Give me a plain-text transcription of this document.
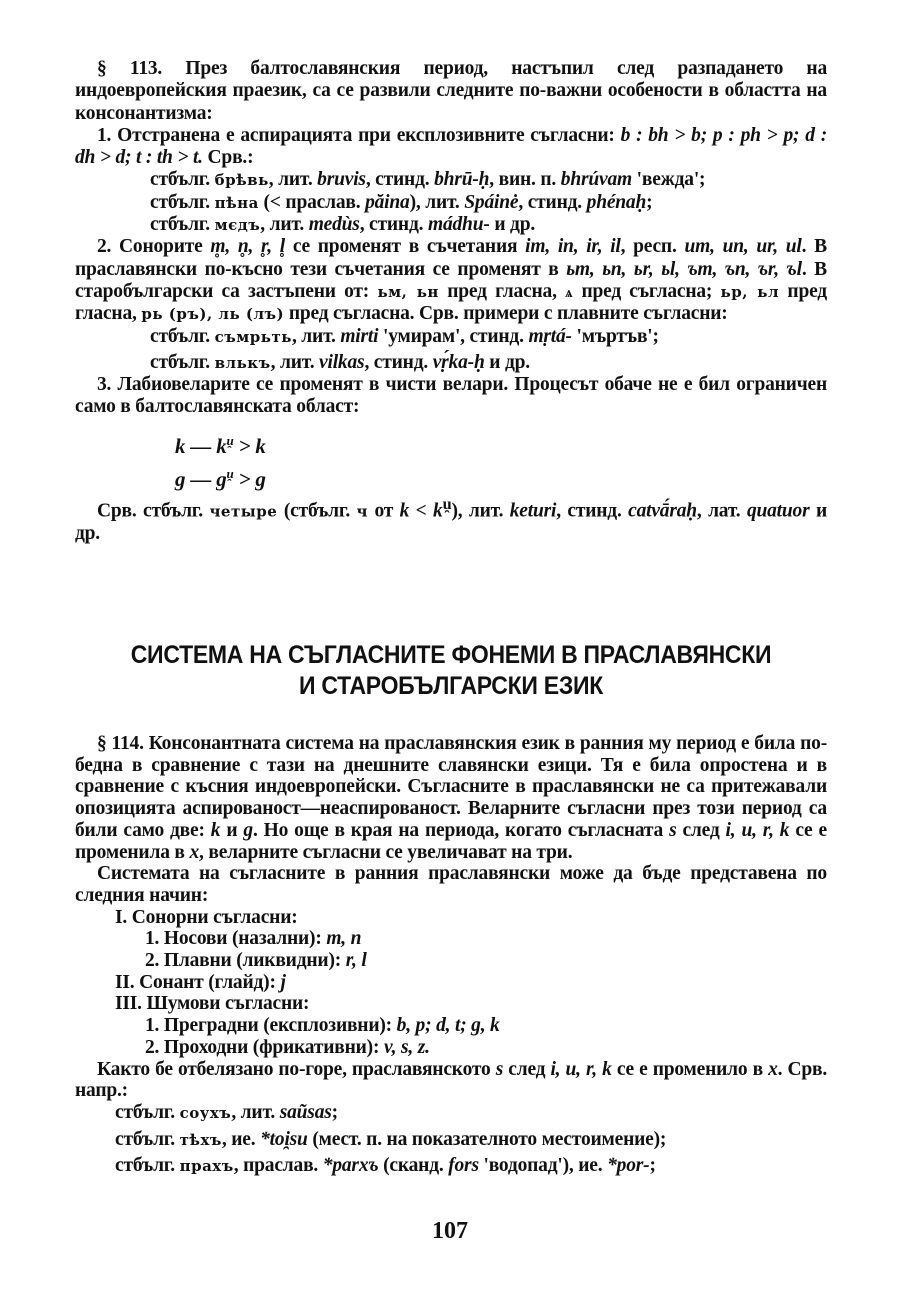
§ 113. През балтославянския период, настъпил след разпадането на индоевропейския праезик, са се развили следните по-важни особености в областта на консонантизма:

1. Отстранена е аспирацията при експлозивните съгласни: b : bh > b; p : ph > p; d : dh > d; t : th > t. Срв.:

стбълг. брѣвь, лит. bruvis, стинд. bhrū-ḥ, вин. п. bhrúvam 'вежда';

стбълг. пѣна (< праслав. păina), лит. Spáinė, стинд. phénaḥ;

стбълг. мєдъ, лит. medùs, стинд. mádhu- и др.

2. Сонорите m̥, n̥, r̥, l̥ се променят в съчетания im, in, ir, il, респ. um, un, ur, ul. В праславянски по-късно тези съчетания се променят в ьm, ьn, ьr, ьl, ъm, ъn, ъr, ъl. В старобългарски са застъпени от: ьм, ьн пред гласна, ѧ пред съгласна; ьр, ьл пред гласна, рь (ръ), ль (лъ) пред съгласна. Срв. примери с плавните съгласни:

стбълг. съмрьть, лит. mirti 'умирам', стинд. mṛtá- 'мъртъв';

стбълг. влькъ, лит. vilkas, стинд. vṛ́ka-ḥ и др.

3. Лабиовеларите се променят в чисти велари. Процесът обаче не е бил ограничен само в балтославянската област:

k — $k^{u̯} > k$
g — $g^{u̯} > g$

Срв. стбълг. четыре (стбълг. ч от $k < k^{u̯}$), лит. keturi, стинд. catvā́raḥ, лат. quatuor и др.

СИСТЕМА НА СЪГЛАСНИТЕ ФОНЕМИ В ПРАСЛАВЯНСКИ
И СТАРОБЪЛГАРСКИ ЕЗИК

§ 114. Консонантната система на праславянския език в ранния му период е била по-бедна в сравнение с тази на днешните славянски езици. Тя е била опростена и в сравнение с късния индоевропейски. Съгласните в праславянски не са притежавали опозицията аспированост—неаспированост. Веларните съгласни през този период са били само две: k и g. Но още в края на периода, когато съгласната s след i, u, r, k се е променила в x, веларните съгласни се увеличават на три.

Системата на съгласните в ранния праславянски може да бъде представена по следния начин:

I. Сонорни съгласни:
1. Носови (назални): m, n
2. Плавни (ликвидни): r, l
II. Сонант (глайд): j
III. Шумови съгласни:
1. Преградни (експлозивни): b, p; d, t; g, k
2. Проходни (фрикативни): v, s, z.

Както бе отбелязано по-горе, праславянското s след i, u, r, k се е променило в x. Срв. напр.:

стбълг. соухъ, лит. saũsas;

стбълг. тѣхъ, ие. *toi̯su (мест. п. на показателното местоимение);

стбълг. прахъ, праслав. *parxъ (сканд. fors 'водопад'), ие. *por-;

107
